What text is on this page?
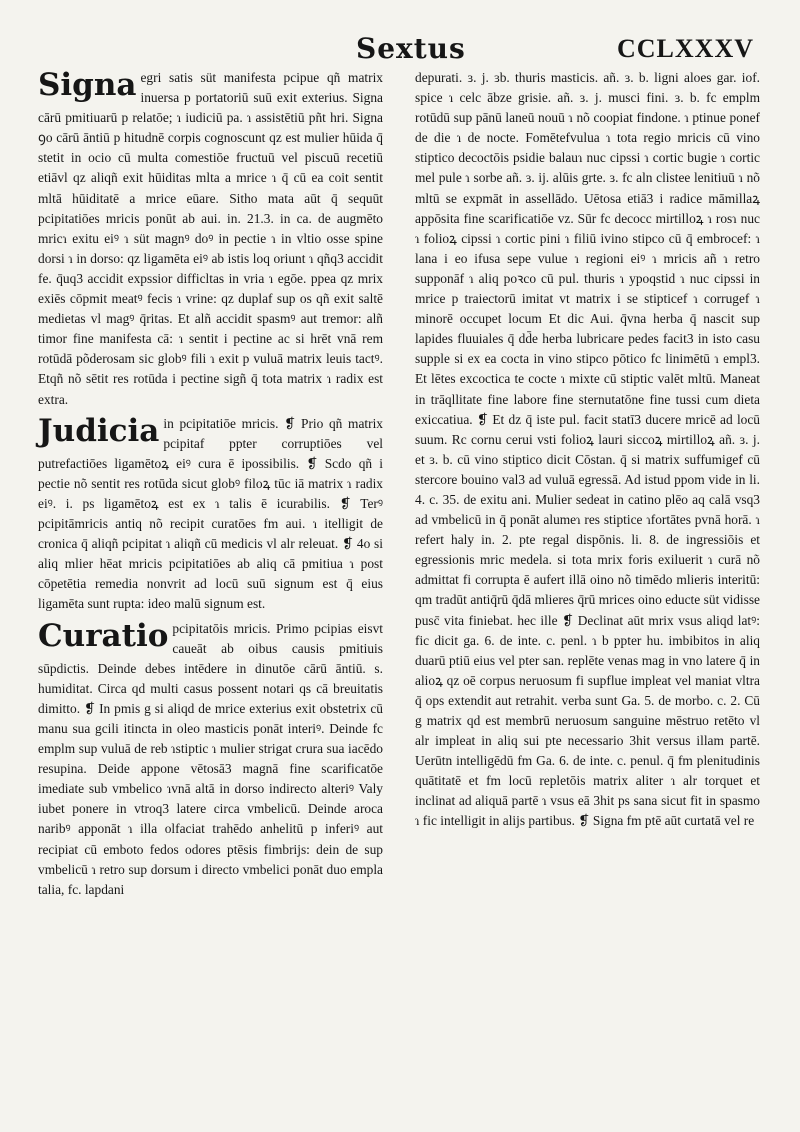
Sextus	CCLXXXV

Signa egri satis süt manifesta pcipue qñ matrix inuersa p portatoriū suū exit exterius. Signa cārū pmitiuarū p relatōe; ɿ iudiciū pa. ɿ assistētiū pñt hri. Signa ꝯo cārū āntiū p hitudnē corpis cognoscunt qz est mulier hūida q̄ stetit in ocio cū multa comestiōe fructuū vel piscuū recetiū etiāvl qz aliqñ exit hūiditas mlta a mrice ɿ q̄ cū ea coit sentit mltā hūiditatē a mrice eūare. Sitho mata aūt q̄ sequūt pcipitatiōes mricis ponūt ab aui. in. 21.3. in ca. de augmēto mricɿ exitu eiꝰ ɿ süt magnꝰ doꝰ in pectie ɿ in vltio osse spine dorsi ɿ in dorso: qz ligamēta eiꝰ ab istis loq oriunt ɿ qñq3 accidit fe. q̄uq3 accidit expssior difficltas in vria ɿ egōe. ppea qz mrix exiēs cōpmit meatꝰ fecis ɿ vrine: qz duplaf sup os qñ exit saltē medietas vl magꝰ q̄ritas. Et alñ accidit spasmꝰ aut tremor: alñ timor fine manifesta cā: ɿ sentit i pectine ac si hrēt vnā rem rotūdā põderosam sic globꝰ fili ɿ exit p vuluā matrix leuis tactꝰ. Etqñ nõ sētit res rotūda i pectine sigñ q̄ tota matrix ɿ radix est extra.

Judicia in pcipitatiōe mricis. ❡ Prio qñ matrix pcipitaf ppter corruptiōes vel putrefactiōes ligamētoꝝ eiꝰ cura ē ipossibilis. ❡ Scdo qñ i pectie nõ sentit res rotūda sicut globꝰ filoꝝ tūc iā matrix ɿ radix eiꝰ. i. ps ligamētoꝝ est ex ɿ talis ē icurabilis. ❡ Terꝰ pcipitāmricis antiq nõ recipit curatōes fm aui. ɿ itelligit de cronica q̄ aliqñ pcipitat ɿ aliqñ cū medicis vl alr releuat. ❡ 4o si aliq mlier hēat mricis pcipitatiōes ab aliq cā pmitiua ɿ post cōpetētia remedia nonvrit ad locū suū signum est q̄ eius ligamēta sunt rupta: ideo malū signum est.

Curatio pcipitatōis mricis. Primo pcipias eisvt caueāt ab oibus causis pmitiuis sūpdictis. Deinde debes intēdere in dinutōe cārū āntiū. s. humiditat. Circa qd multi casus possent notari qs cā breuitatis dimitto. ❡ In pmis g si aliqd de mrice exterius exit obstetrix cū manu sua gcili itincta in oleo masticis ponāt interiꝰ. Deinde fc emplm sup vuluā de reb ɿstiptic ɿ mulier strigat crura sua iacēdo resupina. Deide appone vētosā3 magnā fine scarificatōe imediate sub vmbelico ɿvnā altā in dorso indirecto alteriꝰ Valy iubet ponere in vtroq3 latere circa vmbelicū. Deinde aroca naribꝰ apponāt ɿ illa olfaciat trahēdo anhelitū p inferiꝰ aut recipiat cū emboto fedos odores ptēsis fimbrijs: dein de sup vmbelicū ɿ retro sup dorsum i directo vmbelici ponāt duo empla talia, fc. lapdani

depurati. ɜ. j. ɜb. thuris masticis. añ. ɜ. b. ligni aloes gar. iof. spice ɿ celc ābze grisie. añ. ɜ. j. musci fini. ɜ. b. fc emplm rotūdū sup pānū laneū nouū ɿ nõ coopiat findone. ɿ ptinue ponef de die ɿ de nocte. Fomētefvulua ɿ tota regio mricis cū vino stiptico decoctōis psidie balauɿ nuc cipssi ɿ cortic bugie ɿ cortic mel pule ɿ sorbe añ. ɜ. ij. alūis grte. ɜ. fc aln clistee lenitiuū ɿ nõ mltū se expmāt in assellādo. Uētosa etiā3 i radice māmillaꝝ appōsita fine scarificatiōe vz. Sūr fc decocc mirtilloꝝ ɿ rosɿ nuc ɿ folioꝝ cipssi ɿ cortic pini ɿ filiū ivino stipco cū q̄ embrocef: ɿ lana i eo ifusa sepe vulue ɿ regioni eiꝰ ɿ mricis añ ɿ retro supponāf ɿ aliq poꝛco cū pul. thuris ɿ ypoqstid ɿ nuc cipssi in mrice p traiectorū imitat vt matrix i se stipticef ɿ corrugef ɿ minorē occupet locum Et dic Aui. q̄vna herba q̄ nascit sup lapides fluuiales q̄ dd̄e herba lubricare pedes facit3 in isto casu supple si ex ea cocta in vino stipco pōtico fc linimētū ɿ empl3. Et lētes excoctica te cocte ɿ mixte cū stiptic valēt mltū. Maneat in trāqllitate fine labore fine sternutatōne fine tussi cum dieta exiccatiua. ❡ Et dz q̄ iste pul. facit statī3 ducere mricē ad locū suum. Rc cornu cerui vsti folioꝝ lauri siccoꝝ mirtilloꝝ añ. ɜ. j. et ɜ. b. cū vino stiptico dicit Cōstan. q̄ si matrix suffumigef cū stercore bouino val3 ad vuluā egressā. Ad istud ppom vide in li. 4. c. 35. de exitu ani. Mulier sedeat in catino plēo aq calā vsq3 ad vmbelicū in q̄ ponāt alumeɿ res stiptice ɿfortātes pvnā horā. ɿ refert haly in. 2. pte regal dispōnis. li. 8. de ingressiōis et egressionis mric medela. si tota mrix foris exiluerit ɿ curā nõ admittat fi corrupta ē aufert illā oino nõ timēdo mlieris interitū: qm tradūt antiq̄rū q̄dā mlieres q̄rū mrices oino educte süt vidisse pusc̄ vita finiebat. hec ille ❡ Declinat aūt mrix vsus aliqd latꝰ: fic dicit ga. 6. de inte. c. penl. ɿ b ppter hu. imbibitos in aliq duarū ptiū eius vel pter san. replēte venas mag in vno latere q̄ in alioꝝ qz oē corpus neruosum fi supflue impleat vel maniat vltra q̄ ops extendit aut retrahit. verba sunt Ga. 5. de morbo. c. 2. Cū g matrix qd est membrū neruosum sanguine mēstruo retēto vl alr impleat in aliq sui pte necessario 3hit versus illam partē. Uerūtn intelligēdū fm Ga. 6. de inte. c. penul. q̄ fm plenitudinis quātitatē et fm locū repletōis matrix aliter ɿ alr torquet et inclinat ad aliquā partē ɿ vsus eā 3hit ps sana sicut fit in spasmo ɿ fic intelligit in alijs partibus. ❡ Signa fm ptē aūt curtatā vel re
